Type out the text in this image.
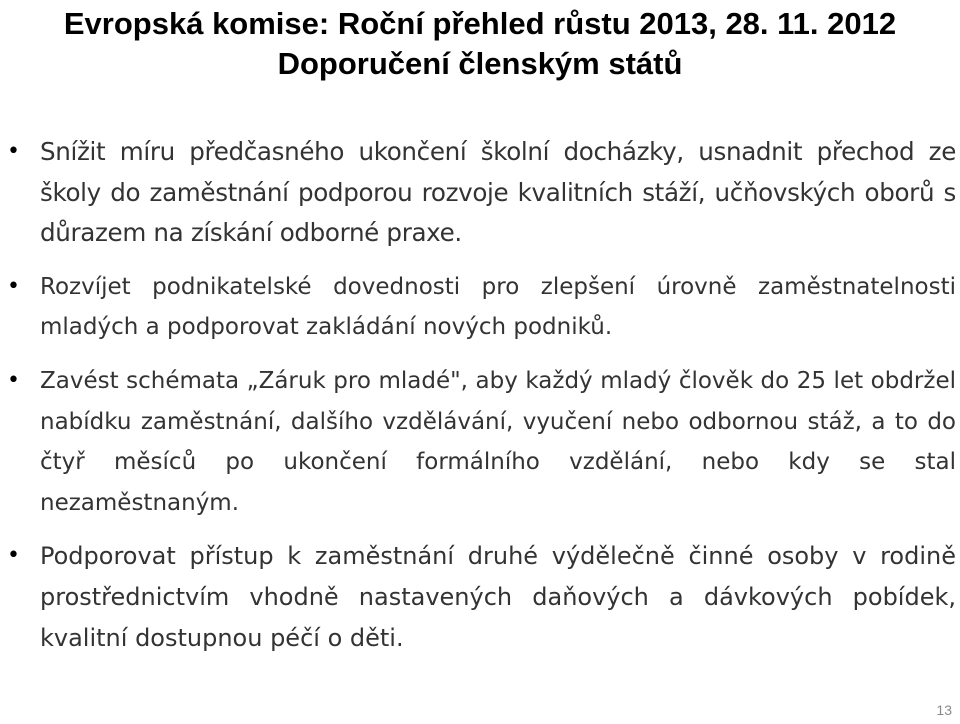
Evropská komise: Roční přehled růstu 2013, 28. 11. 2012
Doporučení členským států
• Snížit míru předčasného ukončení školní docházky, usnadnit přechod ze školy do zaměstnání podporou rozvoje kvalitních stáží, učňovských oborů s důrazem na získání odborné praxe.
• Rozvíjet podnikatelské dovednosti pro zlepšení úrovně zaměstnatelnosti mladých a podporovat zakládání nových podniků.
• Zavést schémata „Záruk pro mladé", aby každý mladý člověk do 25 let obdržel nabídku zaměstnání, dalšího vzdělávání, vyučení nebo odbornou stáž, a to do čtyř měsíců po ukončení formálního vzdělání, nebo kdy se stal nezaměstnaným.
• Podporovat přístup k zaměstnání druhé výdělečně činné osoby v rodině prostřednictvím vhodně nastavených daňových a dávkových pobídek, kvalitní dostupnou péčí o děti.
13
